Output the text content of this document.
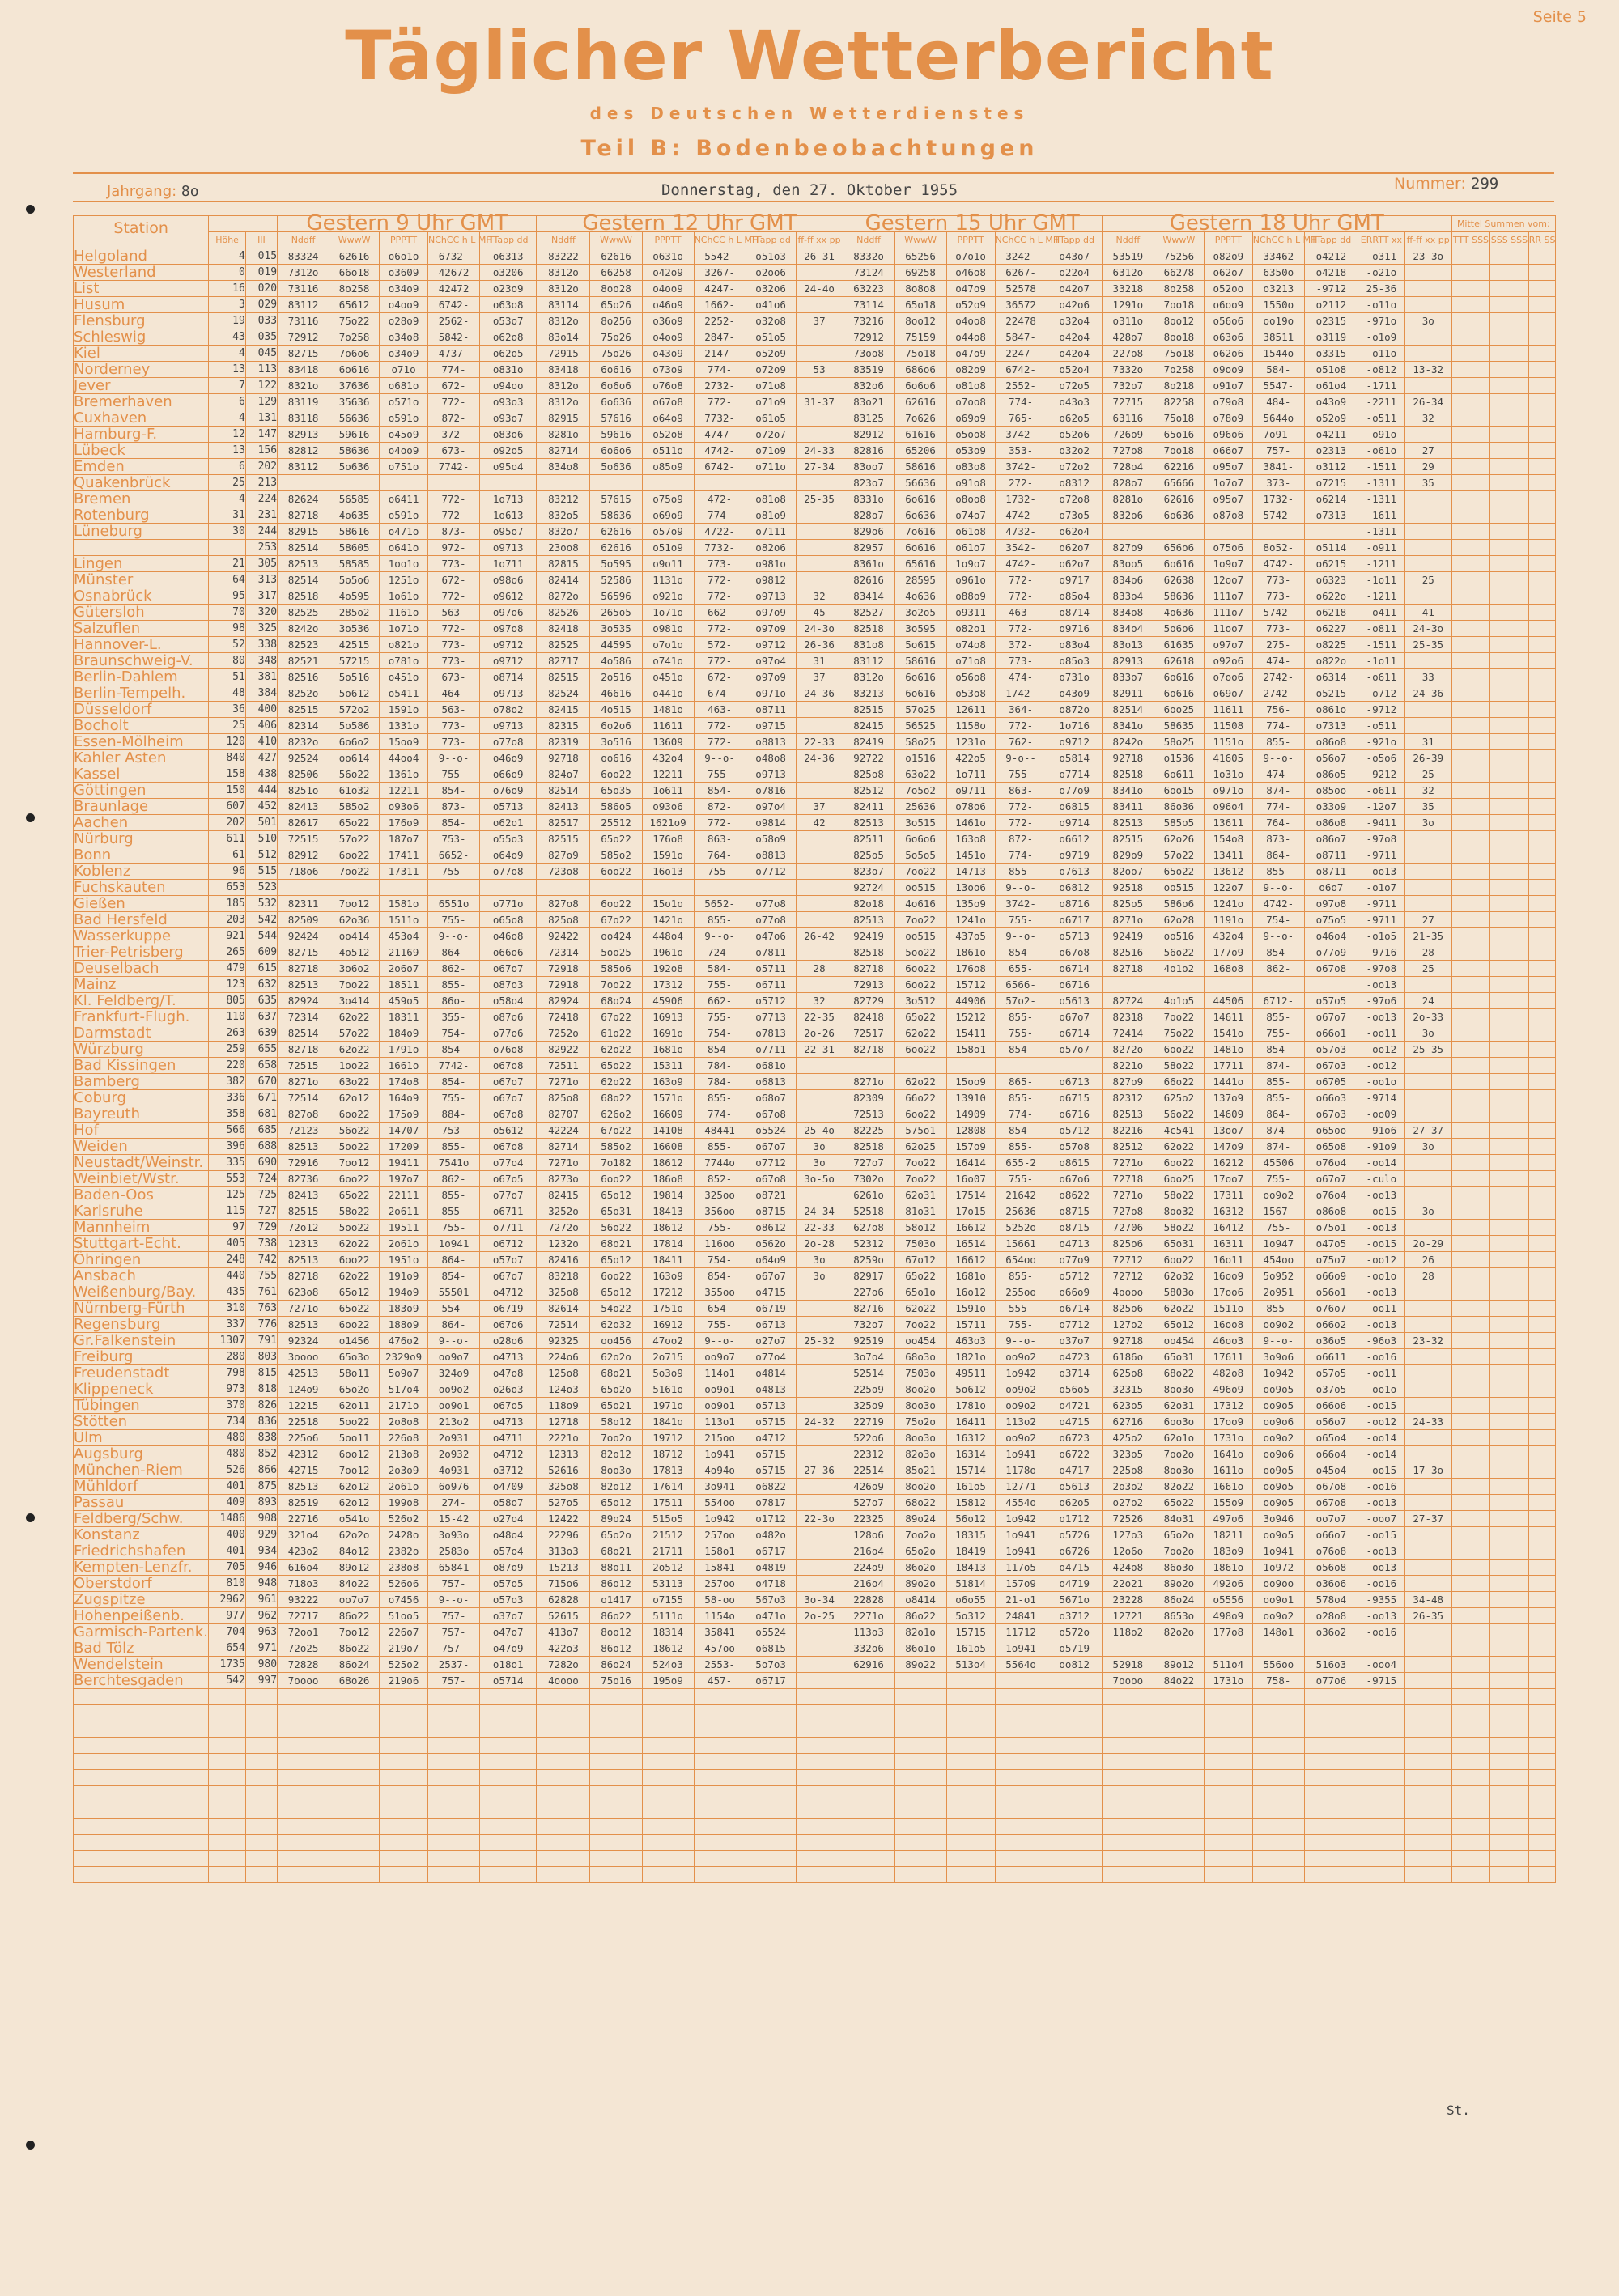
Seite 5
Täglicher Wetterbericht
des Deutschen Wetterdienstes
Teil B: Bodenbeobachtungen
Jahrgang: 8o	Donnerstag, den 27. Oktober 1955	Nummer: 299
Station			Gestern 9 Uhr GMT					Gestern 12 Uhr GMT						Gestern 15 Uhr GMT					Gestern 18 Uhr GMT							Mittel Summen vom:		
	Höhe	III	Nddff	WwwW	PPPTT	NChCC h L MH	TTapp dd	Nddff	WwwW	PPPTT	NChCC h L MH	TTapp dd	ff-ff xx pp	Nddff	WwwW	PPPTT	NChCC h L MH	TTapp dd	Nddff	WwwW	PPPTT	NChCC h L MH	TTapp dd	ERRTT xx	ff-ff xx pp	TTT SSS	SSS SSS	RR SS
Helgoland	4	015	83324	62616	o6o1o	6732-	o6313	83222	62616	o631o	5542-	o51o3	26-31	8332o	65256	o7o1o	3242-	o43o7	53519	75256	o82o9	33462	o4212	-o311	23-3o			
Westerland	0	019	7312o	66o18	o3609	42672	o3206	8312o	66258	o42o9	3267-	o2oo6		73124	69258	o46o8	6267-	o22o4	6312o	66278	o62o7	6350o	o4218	-o21o				
List	16	020	73116	8o258	o34o9	42472	o23o9	8312o	8oo28	o4oo9	4247-	o32o6	24-4o	63223	8o8o8	o47o9	52578	o42o7	33218	8o258	o52oo	o3213	-9712	25-36				
Husum	3	029	83112	65612	o4oo9	6742-	o63o8	83114	65o26	o46o9	1662-	o41o6		73114	65o18	o52o9	36572	o42o6	1291o	7oo18	o6oo9	1550o	o2112	-o11o				
Flensburg	19	033	73116	75o22	o28o9	2562-	o53o7	8312o	8o256	o36o9	2252-	o32o8	37	73216	8oo12	o4oo8	22478	o32o4	o311o	8oo12	o56o6	oo19o	o2315	-971o	3o			
Schleswig	43	035	72912	7o258	o34o8	5842-	o62o8	83o14	75o26	o4oo9	2847-	o51o5		72912	75159	o44o8	5847-	o42o4	428o7	8oo18	o63o6	38511	o3119	-o1o9				
Kiel	4	045	82715	7o6o6	o34o9	4737-	o62o5	72915	75o26	o43o9	2147-	o52o9		73oo8	75o18	o47o9	2247-	o42o4	227o8	75o18	o62o6	1544o	o3315	-o11o				
Norderney	13	113	83418	6o616	o71o	774-	o831o	83418	6o616	o73o9	774-	o72o9	53	83519	686o6	o82o9	6742-	o52o4	7332o	7o258	o9oo9	584-	o51o8	-o812	13-32			
Jever	7	122	8321o	37636	o681o	672-	o94oo	8312o	6o6o6	o76o8	2732-	o71o8		832o6	6o6o6	o81o8	2552-	o72o5	732o7	8o218	o91o7	5547-	o61o4	-1711				
Bremerhaven	6	129	83119	35636	o571o	772-	o93o3	8312o	6o636	o67o8	772-	o71o9	31-37	83o21	62616	o7oo8	774-	o43o3	72715	82258	o79o8	484-	o43o9	-2211	26-34			
Cuxhaven	4	131	83118	56636	o591o	872-	o93o7	82915	57616	o64o9	7732-	o61o5		83125	7o626	o69o9	765-	o62o5	63116	75o18	o78o9	5644o	o52o9	-o511	32			
Hamburg-F.	12	147	82913	59616	o45o9	372-	o83o6	8281o	59616	o52o8	4747-	o72o7		82912	61616	o5oo8	3742-	o52o6	726o9	65o16	o96o6	7o91-	o4211	-o91o				
Lübeck	13	156	82812	58636	o4oo9	673-	o92o5	82714	6o6o6	o511o	4742-	o71o9	24-33	82816	65206	o53o9	353-	o32o2	727o8	7oo18	o66o7	757-	o2313	-o61o	27			
Emden	6	202	83112	5o636	o751o	7742-	o95o4	834o8	5o636	o85o9	6742-	o711o	27-34	83oo7	58616	o83o8	3742-	o72o2	728o4	62216	o95o7	3841-	o3112	-1511	29			
Quakenbrück	25	213												823o7	56636	o91o8	272-	o8312	828o7	65666	1o7o7	373-	o7215	-1311	35			
Bremen	4	224	82624	56585	o6411	772-	1o713	83212	57615	o75o9	472-	o81o8	25-35	8331o	6o616	o8oo8	1732-	o72o8	8281o	62616	o95o7	1732-	o6214	-1311				
Rotenburg	31	231	82718	4o635	o591o	772-	1o613	832o5	58636	o69o9	774-	o81o9		828o7	6o636	o74o7	4742-	o73o5	832o6	6o636	o87o8	5742-	o7313	-1611				
Lüneburg	30	244	82915	58616	o471o	873-	o95o7	832o7	62616	o57o9	4722-	o7111		829o6	7o616	o61o8	4732-	o62o4						-1311				
		253	82514	58605	o641o	972-	o9713	23oo8	62616	o51o9	7732-	o82o6		82957	6o616	o61o7	3542-	o62o7	827o9	656o6	o75o6	8o52-	o5114	-o911				
Lingen	21	305	82513	58585	1oo1o	773-	1o711	82815	5o595	o9o11	773-	o981o		8361o	65616	1o9o7	4742-	o62o7	83oo5	6o616	1o9o7	4742-	o6215	-1211				
Münster	64	313	82514	5o5o6	1251o	672-	o98o6	82414	52586	1131o	772-	o9812		82616	28595	o961o	772-	o9717	834o6	62638	12oo7	773-	o6323	-1o11	25			
Osnabrück	95	317	82518	4o595	1o61o	772-	o9612	8272o	56596	o921o	772-	o9713	32	83414	4o636	o88o9	772-	o85o4	833o4	58636	111o7	773-	o622o	-1211				
Gütersloh	70	320	82525	285o2	1161o	563-	o97o6	82526	265o5	1o71o	662-	o97o9	45	82527	3o2o5	o9311	463-	o8714	834o8	4o636	111o7	5742-	o6218	-o411	41			
Salzuflen	98	325	8242o	3o536	1o71o	772-	o97o8	82418	3o535	o981o	772-	o97o9	24-3o	82518	3o595	o82o1	772-	o9716	834o4	5o6o6	11oo7	773-	o6227	-o811	24-3o			
Hannover-L.	52	338	82523	42515	o821o	773-	o9712	82525	44595	o7o1o	572-	o9712	26-36	831o8	5o615	o74o8	372-	o83o4	83o13	61635	o97o7	275-	o8225	-1511	25-35			
Braunschweig-V.	80	348	82521	57215	o781o	773-	o9712	82717	4o586	o741o	772-	o97o4	31	83112	58616	o71o8	773-	o85o3	82913	62618	o92o6	474-	o822o	-1o11				
Berlin-Dahlem	51	381	82516	5o516	o451o	673-	o8714	82515	2o516	o451o	672-	o97o9	37	8312o	6o616	o56o8	474-	o731o	833o7	6o616	o7oo6	2742-	o6314	-o611	33			
Berlin-Tempelh.	48	384	8252o	5o612	o5411	464-	o9713	82524	46616	o441o	674-	o971o	24-36	83213	6o616	o53o8	1742-	o43o9	82911	6o616	o69o7	2742-	o5215	-o712	24-36			
Düsseldorf	36	400	82515	572o2	1591o	563-	o78o2	82415	4o515	1481o	463-	o8711		82515	57o25	12611	364-	o872o	82514	6oo25	11611	756-	o861o	-9712				
Bocholt	25	406	82314	5o586	1331o	773-	o9713	82315	6o2o6	11611	772-	o9715		82415	56525	1158o	772-	1o716	8341o	58635	11508	774-	o7313	-o511				
Essen-Mölheim	120	410	8232o	6o6o2	15oo9	773-	o77o8	82319	3o516	13609	772-	o8813	22-33	82419	58o25	1231o	762-	o9712	8242o	58o25	1151o	855-	o86o8	-921o	31			
Kahler Asten	840	427	92524	oo614	44oo4	9--o-	o46o9	92718	oo616	432o4	9--o-	o48o8	24-36	92722	o1516	422o5	9-o--	o5814	92718	o1536	41605	9--o-	o56o7	-o5o6	26-39			
Kassel	158	438	82506	56o22	1361o	755-	o66o9	824o7	6oo22	12211	755-	o9713		825o8	63o22	1o711	755-	o7714	82518	6o611	1o31o	474-	o86o5	-9212	25			
Göttingen	150	444	8251o	61o32	12211	854-	o76o9	82514	65o35	1o611	854-	o7816		82512	7o5o2	o9711	863-	o77o9	8341o	6oo15	o971o	874-	o85oo	-o611	32			
Braunlage	607	452	82413	585o2	o93o6	873-	o5713	82413	586o5	o93o6	872-	o97o4	37	82411	25636	o78o6	772-	o6815	83411	86o36	o96o4	774-	o33o9	-12o7	35			
Aachen	202	501	82617	65o22	176o9	854-	o62o1	82517	25512	1621o9	772-	o9814	42	82513	3o515	1461o	772-	o9714	82513	585o5	13611	764-	o86o8	-9411	3o			
Nürburg	611	510	72515	57o22	187o7	753-	o55o3	82515	65o22	176o8	863-	o58o9		82511	6o6o6	163o8	872-	o6612	82515	62o26	154o8	873-	o86o7	-97o8				
Bonn	61	512	82912	6oo22	17411	6652-	o64o9	827o9	585o2	1591o	764-	o8813		825o5	5o5o5	1451o	774-	o9719	829o9	57o22	13411	864-	o8711	-9711				
Koblenz	96	515	718o6	7oo22	17311	755-	o77o8	723o8	6oo22	16o13	755-	o7712		823o7	7oo22	14713	855-	o7613	82oo7	65o22	13612	855-	o8711	-oo13				
Fuchskauten	653	523												92724	oo515	13oo6	9--o-	o6812	92518	oo515	122o7	9--o-	o6o7	-o1o7				
Gießen	185	532	82311	7oo12	1581o	6551o	o771o	827o8	6oo22	15o1o	5652-	o77o8		82o18	4o616	135o9	3742-	o8716	825o5	586o6	1241o	4742-	o97o8	-9711				
Bad Hersfeld	203	542	82509	62o36	1511o	755-	o65o8	825o8	67o22	1421o	855-	o77o8		82513	7oo22	1241o	755-	o6717	8271o	62o28	1191o	754-	o75o5	-9711	27			
Wasserkuppe	921	544	92424	oo414	453o4	9--o-	o46o8	92422	oo424	448o4	9--o-	o47o6	26-42	92419	oo515	437o5	9--o-	o5713	92419	oo516	432o4	9--o-	o46o4	-o1o5	21-35			
Trier-Petrisberg	265	609	82715	4o512	21169	864-	o66o6	72314	5oo25	1961o	724-	o7811		82518	5oo22	1861o	854-	o67o8	82516	56o22	177o9	854-	o77o9	-9716	28			
Deuselbach	479	615	82718	3o6o2	2o6o7	862-	o67o7	72918	585o6	192o8	584-	o5711	28	82718	6oo22	176o8	655-	o6714	82718	4o1o2	168o8	862-	o67o8	-97o8	25			
Mainz	123	632	82513	7oo22	18511	855-	o87o3	72918	7oo22	17312	755-	o6711		72913	6oo22	15712	6566-	o6716						-oo13				
Kl. Feldberg/T.	805	635	82924	3o414	459o5	86o-	o58o4	82924	68o24	45906	662-	o5712	32	82729	3o512	44906	57o2-	o5613	82724	4o1o5	44506	6712-	o57o5	-97o6	24			
Frankfurt-Flugh.	110	637	72314	62o22	18311	355-	o87o6	72418	67o22	16913	755-	o7713	22-35	82418	65o22	15212	855-	o67o7	82318	7oo22	14611	855-	o67o7	-oo13	2o-33			
Darmstadt	263	639	82514	57o22	184o9	754-	o77o6	7252o	61o22	1691o	754-	o7813	2o-26	72517	62o22	15411	755-	o6714	72414	75o22	1541o	755-	o66o1	-oo11	3o			
Würzburg	259	655	82718	62o22	1791o	854-	o76o8	82922	62o22	1681o	854-	o7711	22-31	82718	6oo22	158o1	854-	o57o7	8272o	6oo22	1481o	854-	o57o3	-oo12	25-35			
Bad Kissingen	220	658	72515	1oo22	1661o	7742-	o67o8	72511	65o22	15311	784-	o681o							8221o	58o22	17711	874-	o67o3	-oo12				
Bamberg	382	670	8271o	63o22	174o8	854-	o67o7	7271o	62o22	163o9	784-	o6813		8271o	62o22	15oo9	865-	o6713	827o9	66o22	1441o	855-	o6705	-oo1o				
Coburg	336	671	72514	62o12	164o9	755-	o67o7	825o8	68o22	1571o	855-	o68o7		82309	66o22	13910	855-	o6715	82312	625o2	137o9	855-	o66o3	-9714				
Bayreuth	358	681	827o8	6oo22	175o9	884-	o67o8	82707	626o2	16609	774-	o67o8		72513	6oo22	14909	774-	o6716	82513	56o22	14609	864-	o67o3	-oo09				
Hof	566	685	72123	56o22	14707	753-	o5612	42224	67o22	14108	48441	o5524	25-4o	82225	575o1	12808	854-	o5712	82216	4c541	13oo7	874-	o65oo	-91o6	27-37			
Weiden	396	688	82513	5oo22	17209	855-	o67o8	82714	585o2	16608	855-	o67o7	3o	82518	62o25	157o9	855-	o57o8	82512	62o22	147o9	874-	o65o8	-91o9	3o			
Neustadt/Weinstr.	335	690	72916	7oo12	19411	7541o	o77o4	7271o	7o182	18612	7744o	o7712	3o	727o7	7oo22	16414	655-2	o8615	7271o	6oo22	16212	45506	o76o4	-oo14				
Weinbiet/Wstr.	553	724	82736	6oo22	197o7	862-	o67o5	8273o	6oo22	186o8	852-	o67o8	3o-5o	7302o	7oo22	16o07	755-	o67o6	72718	6oo25	17oo7	755-	o67o7	-culo				
Baden-Oos	125	725	82413	65o22	22111	855-	o77o7	82415	65o12	19814	325oo	o8721		6261o	62o31	17514	21642	o8622	7271o	58o22	17311	oo9o2	o76o4	-oo13				
Karlsruhe	115	727	82515	58o22	2o611	855-	o6711	3252o	65o31	18413	356oo	o8715	24-34	52518	81o31	17o15	25636	o8715	727o8	8oo32	16312	1567-	o86o8	-oo15	3o			
Mannheim	97	729	72o12	5oo22	19511	755-	o7711	7272o	56o22	18612	755-	o8612	22-33	627o8	58o12	16612	5252o	o8715	72706	58o22	16412	755-	o75o1	-oo13				
Stuttgart-Echt.	405	738	12313	62o22	2o61o	1o941	o6712	1232o	68o21	17814	116oo	o562o	2o-28	52312	7503o	16514	15661	o4713	825o6	65o31	16311	1o947	o47o5	-oo15	2o-29			
Öhringen	248	742	82513	6oo22	1951o	864-	o57o7	82416	65o12	18411	754-	o64o9	3o	8259o	67o12	16612	654oo	o77o9	72712	6oo22	16o11	454oo	o75o7	-oo12	26			
Ansbach	440	755	82718	62o22	191o9	854-	o67o7	83218	6oo22	163o9	854-	o67o7	3o	82917	65o22	1681o	855-	o5712	72712	62o32	16oo9	5o952	o66o9	-oo1o	28			
Weißenburg/Bay.	435	761	623o8	65o12	194o9	55501	o4712	325o8	65o12	17212	355oo	o4715		227o6	65o1o	16o12	255oo	o66o9	4oooo	5803o	17oo6	2o951	o56o1	-oo13				
Nürnberg-Fürth	310	763	7271o	65o22	183o9	554-	o6719	82614	54o22	1751o	654-	o6719		82716	62o22	1591o	555-	o6714	825o6	62o22	1511o	855-	o76o7	-oo11				
Regensburg	337	776	82513	6oo22	188o9	864-	o67o6	72514	62o32	16912	755-	o6713		732o7	7oo22	15711	755-	o7712	127o2	65o12	16oo8	oo9o2	o66o2	-oo13				
Gr.Falkenstein	1307	791	92324	o1456	476o2	9--o-	o28o6	92325	oo456	47oo2	9--o-	o27o7	25-32	92519	oo454	463o3	9--o-	o37o7	92718	oo454	46oo3	9--o-	o36o5	-96o3	23-32			
Freiburg	280	803	3oooo	65o3o	2329o9	oo9o7	o4713	224o6	62o2o	2o715	oo9o7	o77o4		3o7o4	68o3o	1821o	oo9o2	o4723	6186o	65o31	17611	3o9o6	o6611	-oo16				
Freudenstadt	798	815	42513	58o11	5o9o7	324o9	o47o8	125o8	68o21	5o3o9	114o1	o4814		52514	7503o	49511	1o942	o3714	625o8	68o22	482o8	1o942	o57o5	-oo11				
Klippeneck	973	818	124o9	65o2o	517o4	oo9o2	o26o3	124o3	65o2o	5161o	oo9o1	o4813		225o9	8oo2o	5o612	oo9o2	o56o5	32315	8oo3o	496o9	oo9o5	o37o5	-oo1o				
Tübingen	370	826	12215	62o11	2171o	oo9o1	o67o5	118o9	65o21	1971o	oo9o1	o5713		325o9	8oo3o	1781o	oo9o2	o4721	623o5	62o31	17312	oo9o5	o66o6	-oo15				
Stötten	734	836	22518	5oo22	2o8o8	213o2	o4713	12718	58o12	1841o	113o1	o5715	24-32	22719	75o2o	16411	113o2	o4715	62716	6oo3o	17oo9	oo9o6	o56o7	-oo12	24-33			
Ulm	480	838	225o6	5oo11	226o8	2o931	o4711	2221o	7oo2o	19712	215oo	o4712		522o6	8oo3o	16312	oo9o2	o6723	425o2	62o1o	1731o	oo9o2	o65o4	-oo14				
Augsburg	480	852	42312	6oo12	213o8	2o932	o4712	12313	82o12	18712	1o941	o5715		22312	82o3o	16314	1o941	o6722	323o5	7oo2o	1641o	oo9o6	o66o4	-oo14				
München-Riem	526	866	42715	7oo12	2o3o9	4o931	o3712	52616	8oo3o	17813	4o94o	o5715	27-36	22514	85o21	15714	1178o	o4717	225o8	8oo3o	1611o	oo9o5	o45o4	-oo15	17-3o			
Mühldorf	401	875	82513	62o12	2o61o	6o976	o4709	325o8	82o12	17614	3o941	o6822		426o9	8oo2o	161o5	12771	o5613	2o3o2	82o22	1661o	oo9o5	o67o8	-oo16				
Passau	409	893	82519	62o12	199o8	274-	o58o7	527o5	65o12	17511	554oo	o7817		527o7	68o22	15812	4554o	o62o5	o27o2	65o22	155o9	oo9o5	o67o8	-oo13				
Feldberg/Schw.	1486	908	22716	o541o	526o2	15-42	o27o4	12422	89o24	515o5	1o942	o1712	22-3o	22325	89o24	56o12	1o942	o1712	72526	84o31	497o6	3o946	oo7o7	-ooo7	27-37			
Konstanz	400	929	321o4	62o2o	2428o	3o93o	o48o4	22296	65o2o	21512	257oo	o482o		128o6	7oo2o	18315	1o941	o5726	127o3	65o2o	18211	oo9o5	o66o7	-oo15				
Friedrichshafen	401	934	423o2	84o12	2382o	2583o	o57o4	313o3	68o21	21711	158o1	o6717		216o4	65o2o	18419	1o941	o6726	12o6o	7oo2o	183o9	1o941	o76o8	-oo13				
Kempten-Lenzfr.	705	946	616o4	89o12	238o8	65841	o87o9	15213	88o11	2o512	15841	o4819		224o9	86o2o	18413	117o5	o4715	424o8	86o3o	1861o	1o972	o56o8	-oo13				
Oberstdorf	810	948	718o3	84o22	526o6	757-	o57o5	715o6	86o12	53113	257oo	o4718		216o4	89o2o	51814	157o9	o4719	22o21	89o2o	492o6	oo9oo	o36o6	-oo16				
Zugspitze	2962	961	93222	oo7o7	o7456	9--o-	o57o3	62828	o1417	o7155	58-oo	567o3	3o-34	22828	o8414	o6o55	21-o1	5671o	23228	86o24	o5556	oo9o1	578o4	-9355	34-48			
Hohenpeißenb.	977	962	72717	86o22	51oo5	757-	o37o7	52615	86o22	5111o	1154o	o471o	2o-25	2271o	86o22	5o312	24841	o3712	12721	8653o	498o9	oo9o2	o28o8	-oo13	26-35			
Garmisch-Partenk.	704	963	72oo1	7oo12	226o7	757-	o47o7	413o7	8oo12	18314	35841	o5524		113o3	82o1o	15715	11712	o572o	118o2	82o2o	177o8	148o1	o36o2	-oo16				
Bad Tölz	654	971	72o25	86o22	219o7	757-	o47o9	422o3	86o12	18612	457oo	o6815		332o6	86o1o	161o5	1o941	o5719										
Wendelstein	1735	980	72828	86o24	525o2	2537-	o18o1	7282o	86o24	524o3	2553-	5o7o3		62916	89o22	513o4	5564o	oo812	52918	89o12	511o4	556oo	516o3	-ooo4				
Berchtesgaden	542	997	7oooo	68o26	219o6	757-	o5714	4oooo	75o16	195o9	457-	o6717							7oooo	84o22	1731o	758-	o77o6	-9715				

St.
